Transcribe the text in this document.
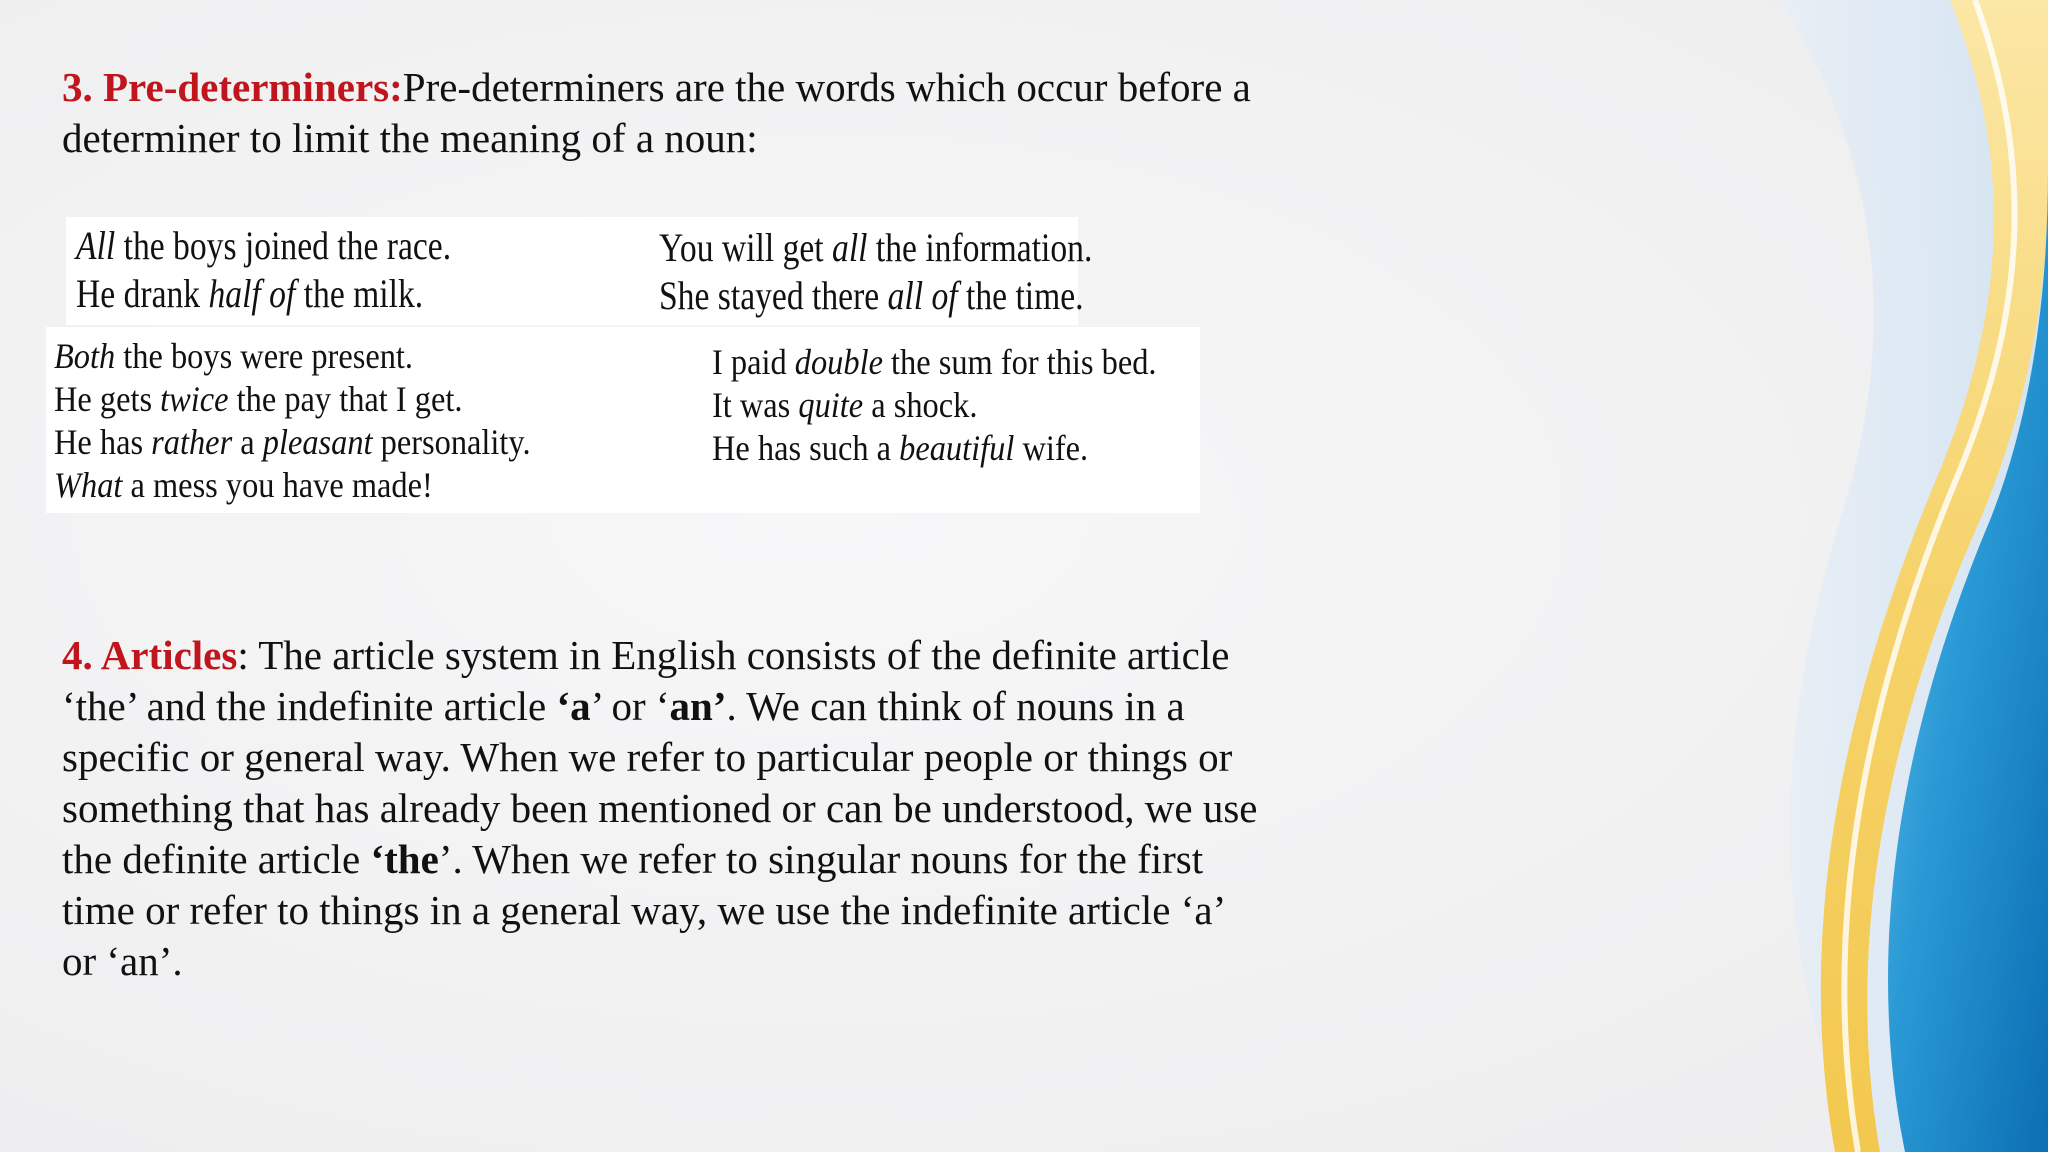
3. Pre-determiners:Pre-determiners are the words which occur before a determiner to limit the meaning of a noun:

All the boys joined the race.
He drank half of the milk.
You will get all the information.
She stayed there all of the time.
Both the boys were present.
He gets twice the pay that I get.
He has rather a pleasant personality.
What a mess you have made!
I paid double the sum for this bed.
It was quite a shock.
He has such a beautiful wife.

4. Articles: The article system in English consists of the definite article ‘the’ and the indefinite article ‘a’ or ‘an’. We can think of nouns in a specific or general way. When we refer to particular people or things or something that has already been mentioned or can be understood, we use the definite article ‘the’. When we refer to singular nouns for the first time or refer to things in a general way, we use the indefinite article ‘a’ or ‘an’.
